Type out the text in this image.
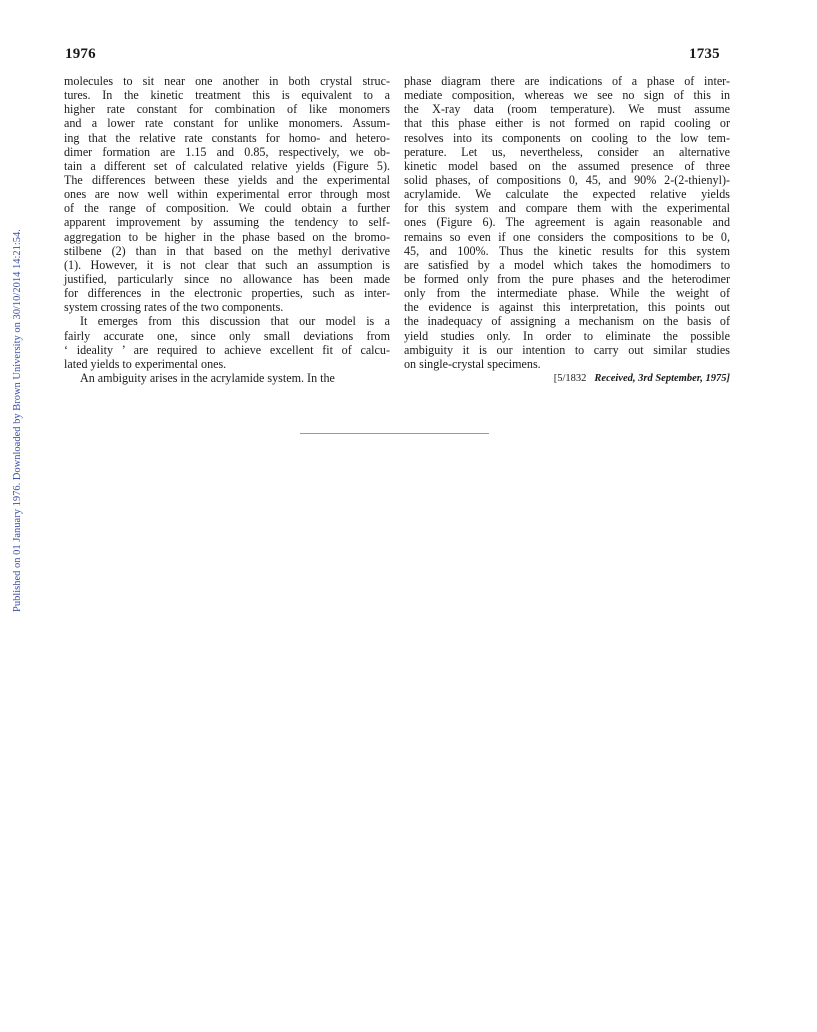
1976	1735
Published on 01 January 1976. Downloaded by Brown University on 30/10/2014 14:21:54.
molecules to sit near one another in both crystal struc-
tures. In the kinetic treatment this is equivalent to a
higher rate constant for combination of like monomers
and a lower rate constant for unlike monomers. Assum-
ing that the relative rate constants for homo- and hetero-
dimer formation are 1.15 and 0.85, respectively, we ob-
tain a different set of calculated relative yields (Figure 5).
The differences between these yields and the experimental
ones are now well within experimental error through most
of the range of composition. We could obtain a further
apparent improvement by assuming the tendency to self-
aggregation to be higher in the phase based on the bromo-
stilbene (2) than in that based on the methyl derivative
(1). However, it is not clear that such an assumption is
justified, particularly since no allowance has been made
for differences in the electronic properties, such as inter-
system crossing rates of the two components.
It emerges from this discussion that our model is a
fairly accurate one, since only small deviations from
‘ ideality ’ are required to achieve excellent fit of calcu-
lated yields to experimental ones.
An ambiguity arises in the acrylamide system. In the
phase diagram there are indications of a phase of inter-
mediate composition, whereas we see no sign of this in
the X-ray data (room temperature). We must assume
that this phase either is not formed on rapid cooling or
resolves into its components on cooling to the low tem-
perature. Let us, nevertheless, consider an alternative
kinetic model based on the assumed presence of three
solid phases, of compositions 0, 45, and 90% 2-(2-thienyl)-
acrylamide. We calculate the expected relative yields
for this system and compare them with the experimental
ones (Figure 6). The agreement is again reasonable and
remains so even if one considers the compositions to be 0,
45, and 100%. Thus the kinetic results for this system
are satisfied by a model which takes the homodimers to
be formed only from the pure phases and the heterodimer
only from the intermediate phase. While the weight of
the evidence is against this interpretation, this points out
the inadequacy of assigning a mechanism on the basis of
yield studies only. In order to eliminate the possible
ambiguity it is our intention to carry out similar studies
on single-crystal specimens.
[5/1832 Received, 3rd September, 1975]
